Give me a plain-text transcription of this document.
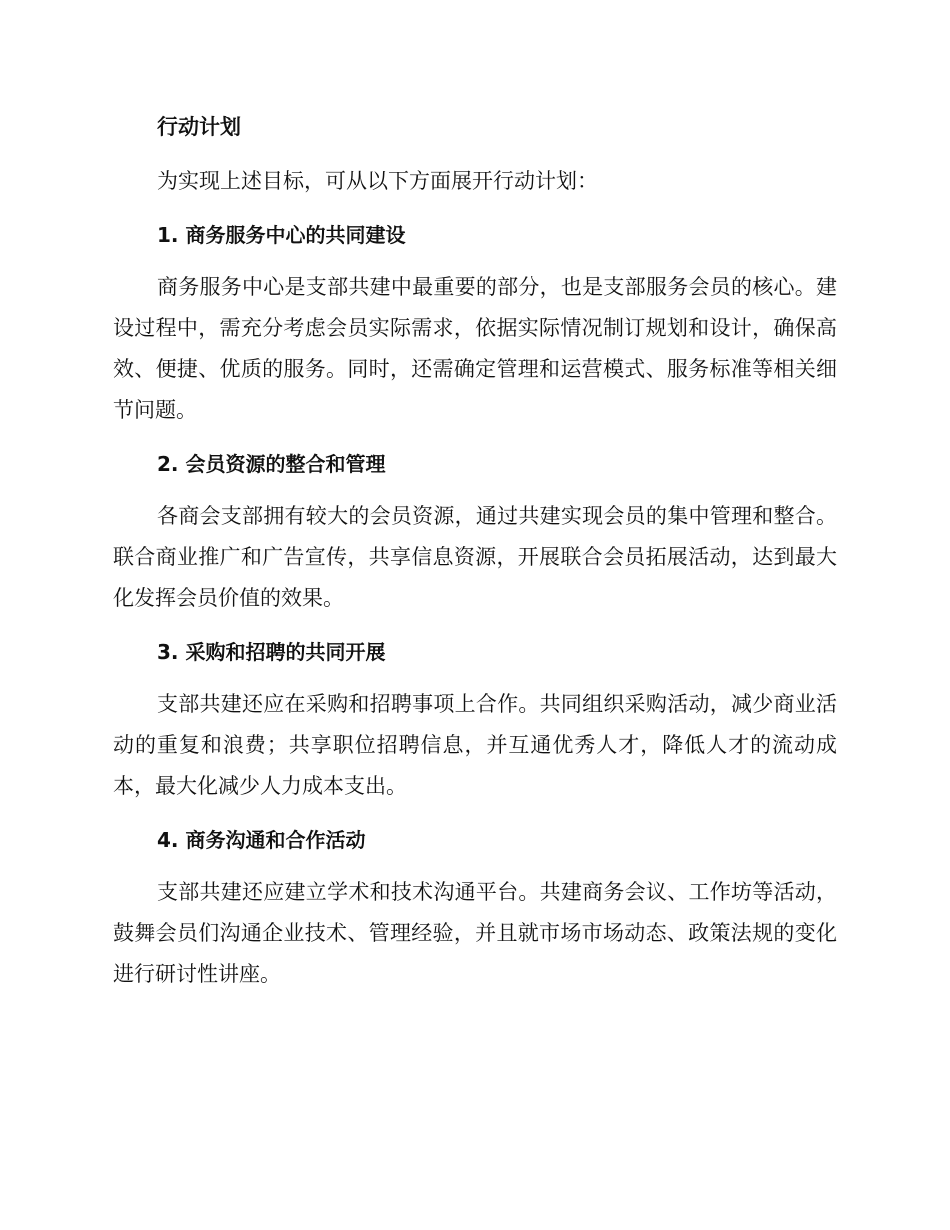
行动计划
为实现上述目标，可从以下方面展开行动计划：
1. 商务服务中心的共同建设
商务服务中心是支部共建中最重要的部分，也是支部服务会员的核心。建设过程中，需充分考虑会员实际需求，依据实际情况制订规划和设计，确保高效、便捷、优质的服务。同时，还需确定管理和运营模式、服务标准等相关细节问题。
2. 会员资源的整合和管理
各商会支部拥有较大的会员资源，通过共建实现会员的集中管理和整合。联合商业推广和广告宣传，共享信息资源，开展联合会员拓展活动，达到最大化发挥会员价值的效果。
3. 采购和招聘的共同开展
支部共建还应在采购和招聘事项上合作。共同组织采购活动，减少商业活动的重复和浪费；共享职位招聘信息，并互通优秀人才，降低人才的流动成本，最大化减少人力成本支出。
4. 商务沟通和合作活动
支部共建还应建立学术和技术沟通平台。共建商务会议、工作坊等活动， 鼓舞会员们沟通企业技术、管理经验，并且就市场市场动态、政策法规的变化进行研讨性讲座。
